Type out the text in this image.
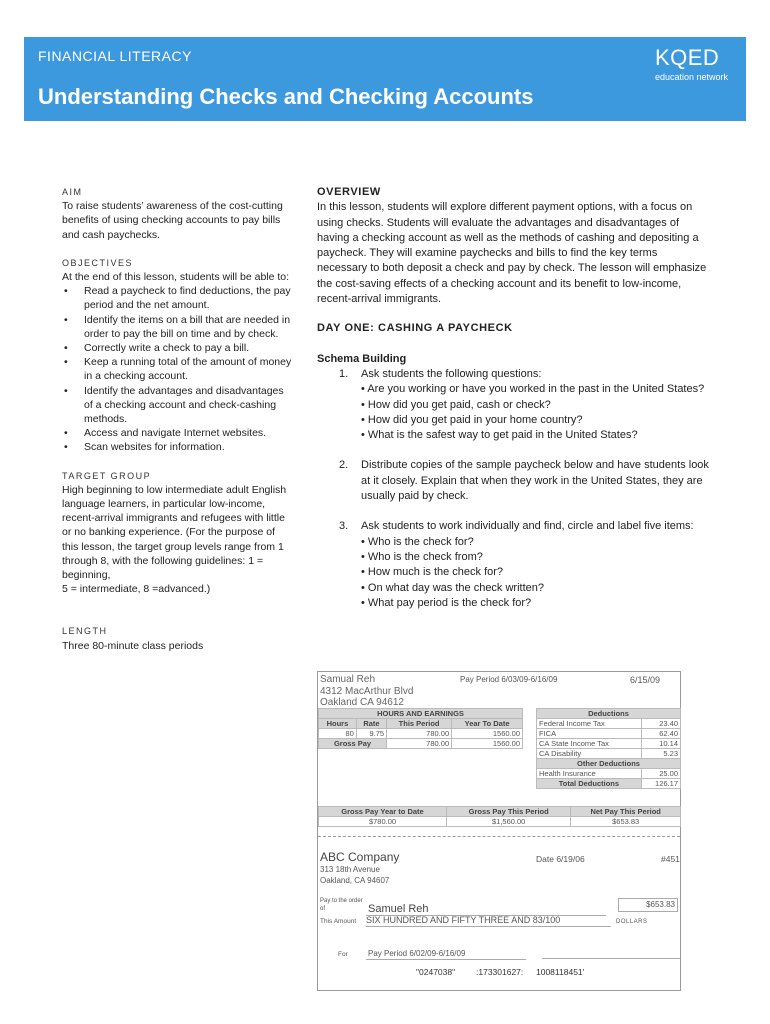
FINANCIAL LITERACY
Understanding Checks and Checking Accounts
KQED
education network
AIM

To raise students’ awareness of the cost-cutting benefits of using checking accounts to pay bills and cash paychecks.

OBJECTIVES

At the end of this lesson, students will be able to:

• Read a paycheck to find deductions, the pay period and the net amount.
• Identify the items on a bill that are needed in order to pay the bill on time and by check.
• Correctly write a check to pay a bill.
• Keep a running total of the amount of money in a checking account.
• Identify the advantages and disadvantages of a checking account and check-cashing methods.
• Access and navigate Internet websites.
• Scan websites for information.
TARGET GROUP

High beginning to low intermediate adult English language learners, in particular low-income, recent-arrival immigrants and refugees with little or no banking experience. (For the purpose of this lesson, the target group levels range from 1 through 8, with the following guidelines: 1 = beginning,

5 = intermediate, 8 =advanced.)

LENGTH

Three 80-minute class periods

OVERVIEW

In this lesson, students will explore different payment options, with a focus on using checks. Students will evaluate the advantages and disadvantages of having a checking account as well as the methods of cashing and depositing a paycheck. They will examine paychecks and bills to find the key terms necessary to both deposit a check and pay by check. The lesson will emphasize the cost-saving effects of a checking account and its benefit to low-income, recent-arrival immigrants.

DAY ONE: CASHING A PAYCHECK
Schema Building
1. Ask students the following questions:
• Are you working or have you worked in the past in the United States?
• How did you get paid, cash or check?
• How did you get paid in your home country?
• What is the safest way to get paid in the United States?
2. Distribute copies of the sample paycheck below and have students look at it closely. Explain that when they work in the United States, they are usually paid by check.
3. Ask students to work individually and find, circle and label five items:
• Who is the check for?
• Who is the check from?
• How much is the check for?
• On what day was the check written?
• What pay period is the check for?
Samual Reh
4312 MacArthur Blvd
Oakland CA 94612
Pay Period 6/03/09-6/16/09	6/15/09
HOURS AND EARNINGS			
Hours	Rate	This Period	Year To Date
80	9.75	780.00	1560.00
Gross Pay		780.00	1560.00
Deductions	
Federal Income Tax	23.40
FICA	62.40
CA State Income Tax	10.14
CA Disability	5.23
Other Deductions	
Health Insurance	25.00
Total Deductions	126.17
Gross Pay Year to Date	Gross Pay This Period	Net Pay This Period
$780.00	$1,560.00	$653.83
ABC Company
313 18th Avenue
Oakland, CA 94607
Date 6/19/06	#451
Pay to the order of	Samuel Reh	$653.83
This Amount SIX HUNDRED AND FIFTY THREE AND 83/100	DOLLARS
For	Pay Period 6/02/09-6/16/09
"0247038" :173301627: 1008118451'
